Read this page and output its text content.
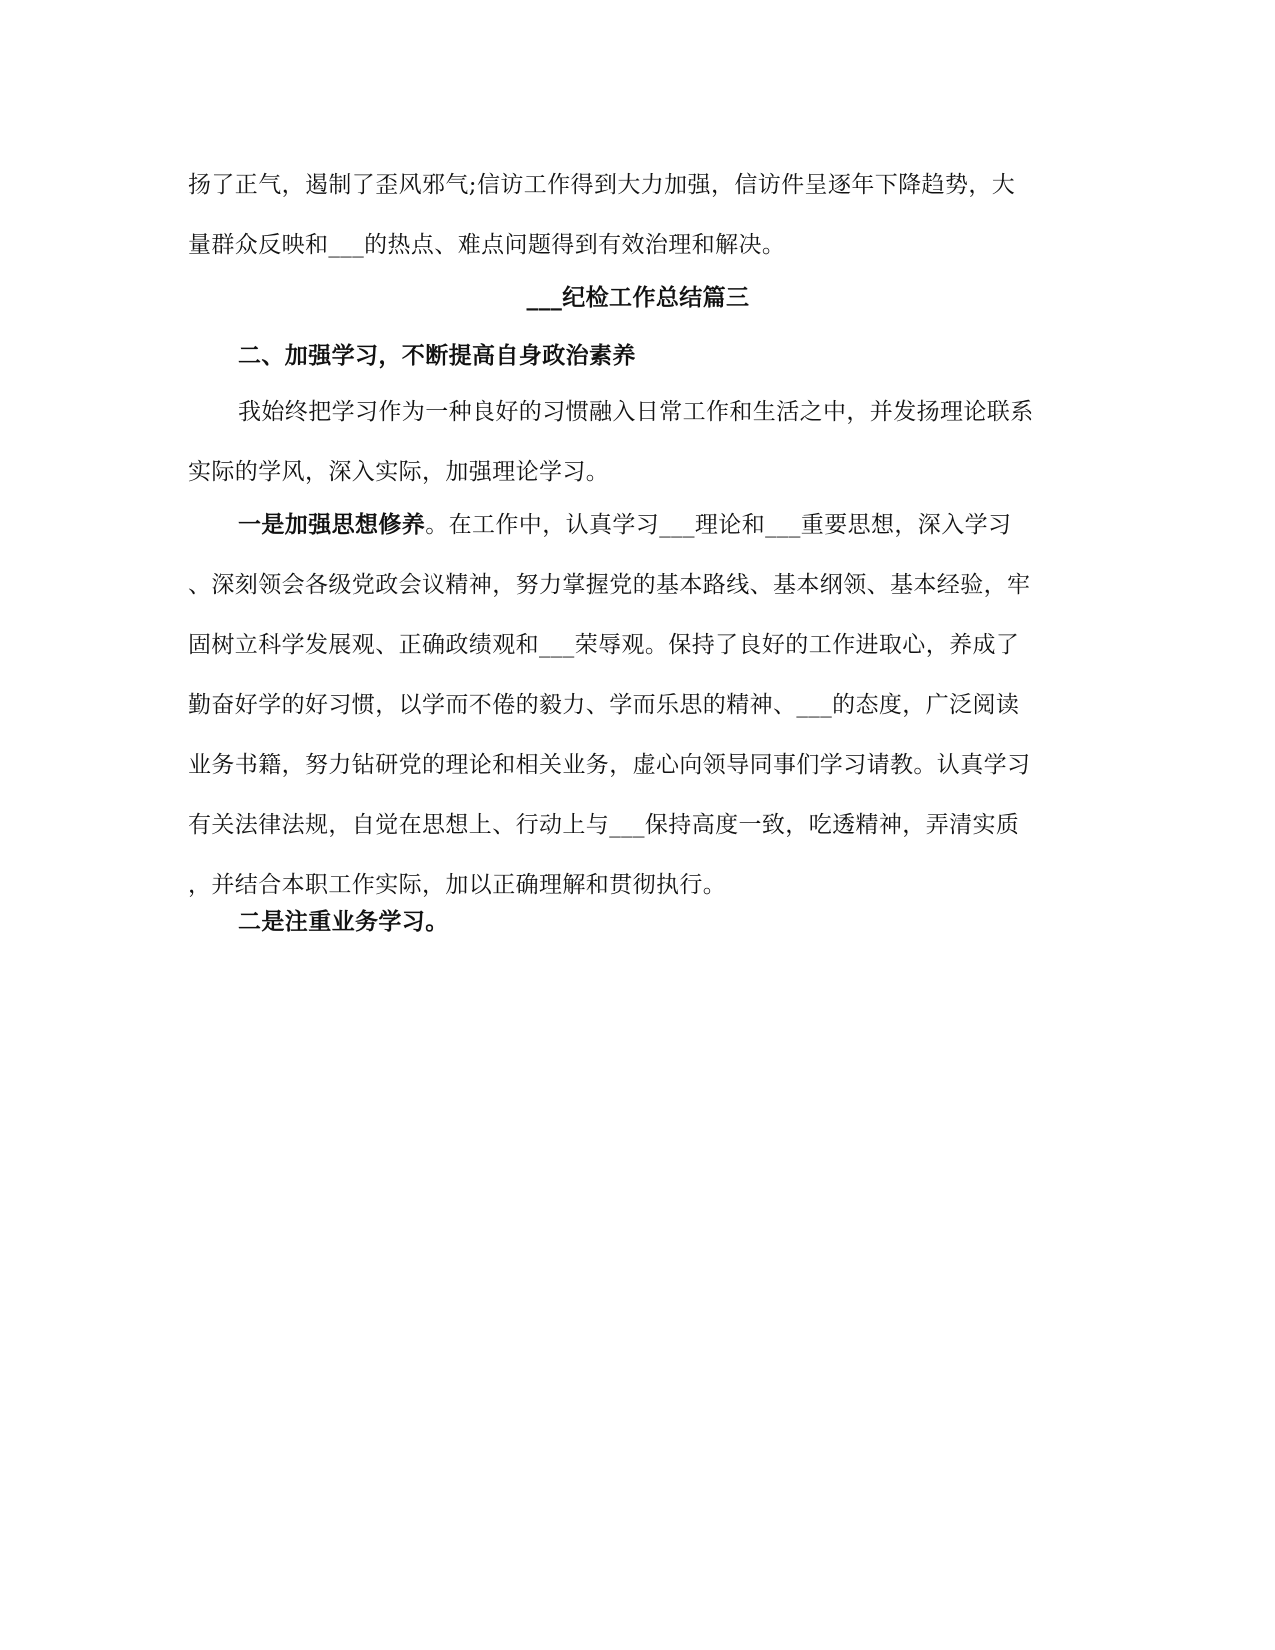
扬了正气，遏制了歪风邪气;信访工作得到大力加强，信访件呈逐年下降趋势，大
量群众反映和___的热点、难点问题得到有效治理和解决。
___纪检工作总结篇三
二、加强学习，不断提高自身政治素养
我始终把学习作为一种良好的习惯融入日常工作和生活之中，并发扬理论联系
实际的学风，深入实际，加强理论学习。
一是加强思想修养。在工作中，认真学习___理论和___重要思想，深入学习
、深刻领会各级党政会议精神，努力掌握党的基本路线、基本纲领、基本经验，牢
固树立科学发展观、正确政绩观和___荣辱观。保持了良好的工作进取心，养成了
勤奋好学的好习惯，以学而不倦的毅力、学而乐思的精神、___的态度，广泛阅读
业务书籍，努力钻研党的理论和相关业务，虚心向领导同事们学习请教。认真学习
有关法律法规，自觉在思想上、行动上与___保持高度一致，吃透精神，弄清实质
，并结合本职工作实际，加以正确理解和贯彻执行。
二是注重业务学习。
